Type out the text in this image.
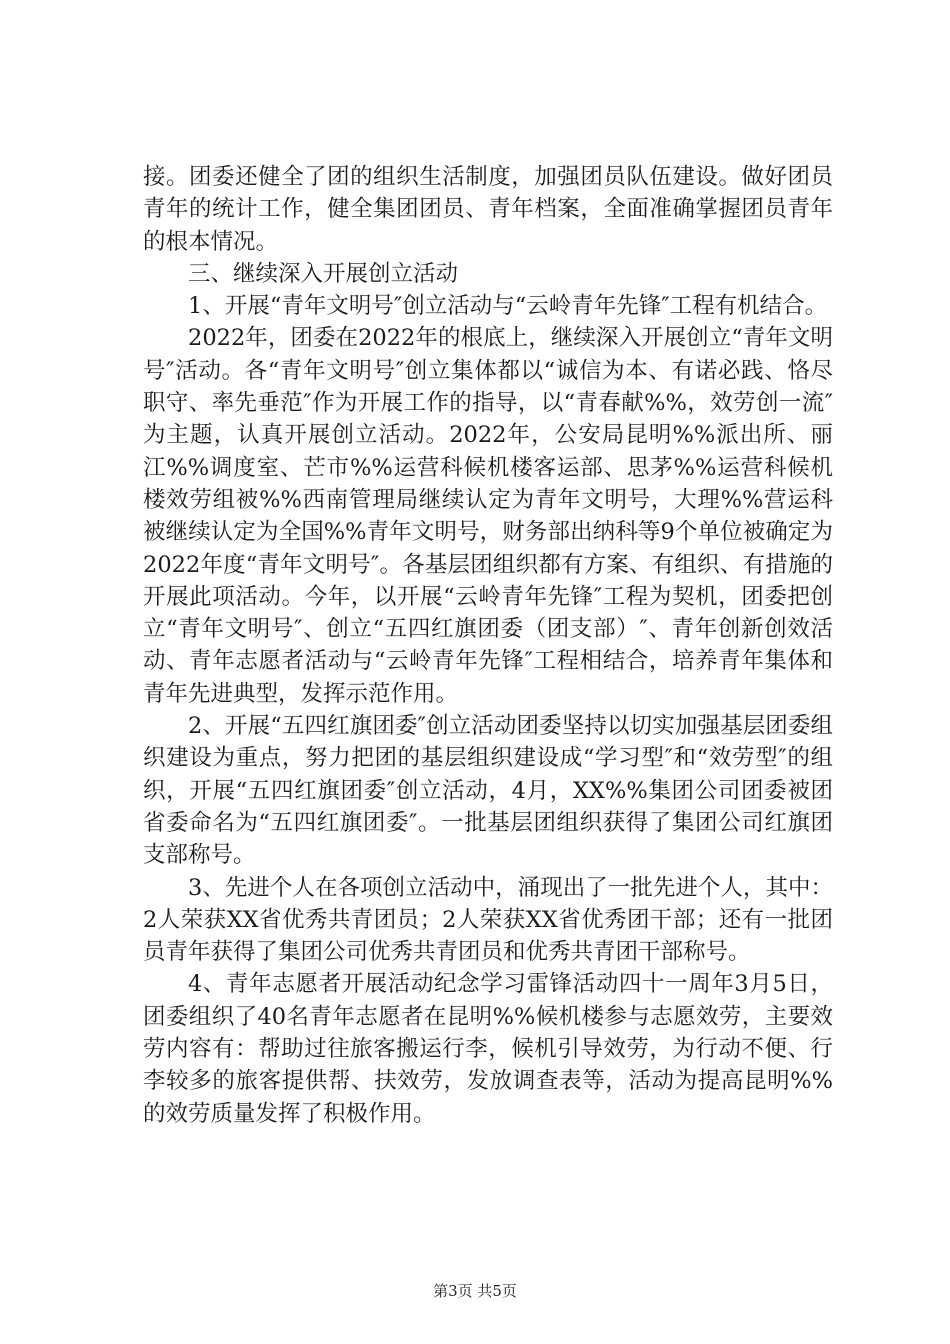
接。团委还健全了团的组织生活制度，加强团员队伍建设。做好团员青年的统计工作，健全集团团员、青年档案，全面准确掌握团员青年的根本情况。

三、继续深入开展创立活动

1、开展“青年文明号″创立活动与“云岭青年先锋″工程有机结合。

2022年，团委在2022年的根底上，继续深入开展创立“青年文明号″活动。各“青年文明号″创立集体都以“诚信为本、有诺必践、恪尽职守、率先垂范″作为开展工作的指导，以“青春献%%，效劳创一流″为主题，认真开展创立活动。2022年，公安局昆明%%派出所、丽江%%调度室、芒市%%运营科候机楼客运部、思茅%%运营科候机楼效劳组被%%西南管理局继续认定为青年文明号，大理%%营运科被继续认定为全国%%青年文明号，财务部出纳科等9个单位被确定为2022年度“青年文明号″。各基层团组织都有方案、有组织、有措施的开展此项活动。今年，以开展“云岭青年先锋″工程为契机，团委把创立“青年文明号″、创立“五四红旗团委（团支部）″、青年创新创效活动、青年志愿者活动与“云岭青年先锋″工程相结合，培养青年集体和青年先进典型，发挥示范作用。

2、开展“五四红旗团委″创立活动团委坚持以切实加强基层团委组织建设为重点，努力把团的基层组织建设成“学习型″和“效劳型″的组织，开展“五四红旗团委″创立活动，4月，XX%%集团公司团委被团省委命名为“五四红旗团委″。一批基层团组织获得了集团公司红旗团支部称号。

3、先进个人在各项创立活动中，涌现出了一批先进个人，其中：2人荣获XX省优秀共青团员；2人荣获XX省优秀团干部；还有一批团员青年获得了集团公司优秀共青团员和优秀共青团干部称号。

4、青年志愿者开展活动纪念学习雷锋活动四十一周年3月5日，团委组织了40名青年志愿者在昆明%%候机楼参与志愿效劳，主要效劳内容有：帮助过往旅客搬运行李，候机引导效劳，为行动不便、行李较多的旅客提供帮、扶效劳，发放调查表等，活动为提高昆明%%的效劳质量发挥了积极作用。

第3页 共5页
